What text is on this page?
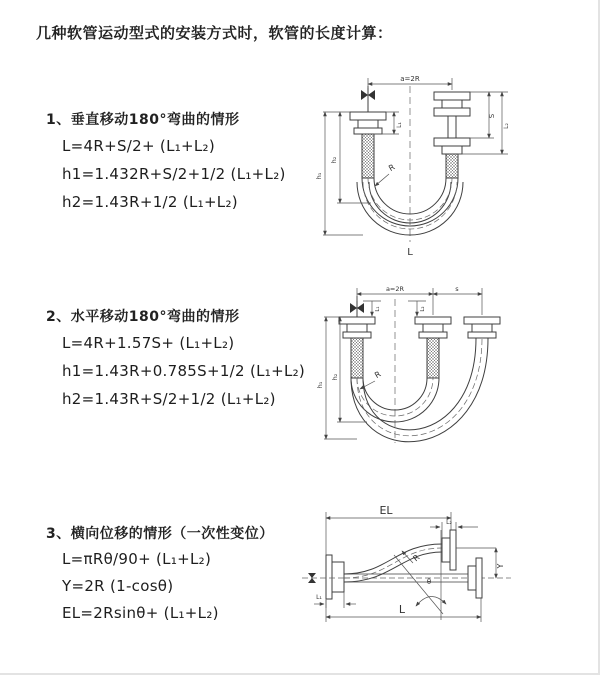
几种软管运动型式的安装方式时，软管的长度计算：
1、垂直移动180°弯曲的情形
L=4R+S/2+ (L₁+L₂)
h1=1.432R+S/2+1/2 (L₁+L₂)
h2=1.43R+1/2 (L₁+L₂)
2、水平移动180°弯曲的情形
L=4R+1.57S+ (L₁+L₂)
h1=1.43R+0.785S+1/2 (L₁+L₂)
h2=1.43R+S/2+1/2 (L₁+L₂)
3、横向位移的情形（一次性变位）
L=πRθ/90+ (L₁+L₂)
Y=2R (1-cosθ)
EL=2Rsinθ+ (L₁+L₂)
a=2R
h₁
h₂
L₁
S
L₂
R
L
a=2R	s
h₁
h₂
L₁	L₂
R
EL
L₂
Y
R
θ
L
L₁
